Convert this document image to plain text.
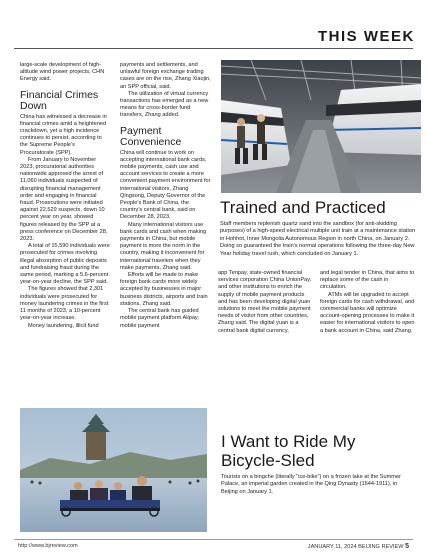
THIS WEEK

large-scale development of high-altitude wind power projects, CHN Energy said.

Financial Crimes Down

China has witnessed a decrease in financial crimes amid a heightened crackdown, yet a high incidence continues to persist, according to the Supreme People's Procuratorate (SPP).

From January to November 2023, procuratorial authorities nationwide approved the arrest of 11,060 individuals suspected of disrupting financial management order and engaging in financial fraud. Prosecutions were initiated against 22,529 suspects, down 10 percent year on year, showed figures released by the SPP at a press conference on December 28, 2023.

A total of 15,590 individuals were prosecuted for crimes involving illegal absorption of public deposits and fundraising fraud during the same period, marking a 5.6-percent year-on-year decline, the SPP said.

The figures showed that 2,301 individuals were prosecuted for money laundering crimes in the first 11 months of 2023, a 10-percent year-on-year increase.

Money laundering, illicit fund

payments and settlements, and unlawful foreign exchange trading cases are on the rise, Zhang Xiaojin, an SPP official, said.

The utilization of virtual currency transactions has emerged as a new means for cross-border fund transfers, Zhang added.

Payment Convenience

China will continue to work on accepting international bank cards, mobile payments, cash use and account services to create a more convenient payment environment for international visitors, Zhang Qingsong, Deputy Governor of the People's Bank of China, the country's central bank, said on December 28, 2023.

Many international visitors use bank cards and cash when making payments in China, but mobile payment is more the norm in the country, making it inconvenient for international travelers when they make payments, Zhang said.

Efforts will be made to make foreign bank cards more widely accepted by businesses in major business districts, airports and train stations, Zhang said.

The central bank has guided mobile payment platform Alipay, mobile payment

Trained and Practiced
Staff members replenish quartz sand into the sandbox (for anti-skidding purposes) of a high-speed electrical multiple unit train at a maintenance station in Hohhot, Inner Mongolia Autonomous Region in north China, on January 2. Doing so guaranteed the train's normal operations following the three-day New Year holiday travel rush, which concluded on January 1.

app Tenpay, state-owned financial services corporation China UnionPay, and other institutions to enrich the supply of mobile payment products and has been developing digital yuan solutions to meet the mobile payment needs of visitor from other countries, Zhang said. The digital yuan is a central bank digital currency,

and legal tender in China, that aims to replace some of the cash in circulation.

ATMs will be upgraded to accept foreign cards for cash withdrawal, and commercial banks will optimize account-opening processes to make it easier for international visitors to open a bank account in China, said Zhang.

I Want to Ride My Bicycle-Sled
Tourists on a bingche (literally "ice-bike") on a frozen lake at the Summer Palace, an imperial garden created in the Qing Dynasty (1644-1911), in Beijing on January 1.
http://www.bjreview.com	JANUARY 11, 2024 BEIJING REVIEW 5
